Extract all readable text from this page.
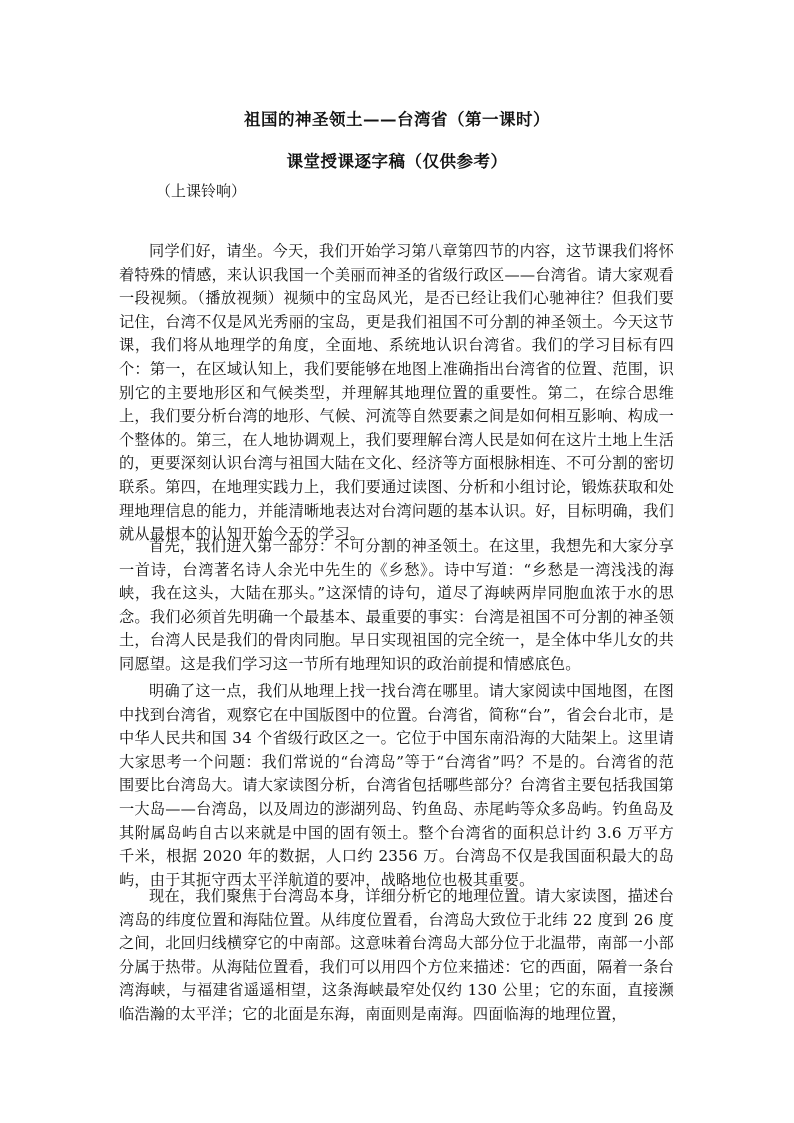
祖国的神圣领土——台湾省（第一课时）
课堂授课逐字稿（仅供参考）
（上课铃响）

同学们好，请坐。今天，我们开始学习第八章第四节的内容，这节课我们将怀着特殊的情感，来认识我国一个美丽而神圣的省级行政区——台湾省。请大家观看一段视频。（播放视频）视频中的宝岛风光，是否已经让我们心驰神往？但我们要记住，台湾不仅是风光秀丽的宝岛，更是我们祖国不可分割的神圣领土。今天这节课，我们将从地理学的角度，全面地、系统地认识台湾省。我们的学习目标有四个：第一，在区域认知上，我们要能够在地图上准确指出台湾省的位置、范围，识别它的主要地形区和气候类型，并理解其地理位置的重要性。第二，在综合思维上，我们要分析台湾的地形、气候、河流等自然要素之间是如何相互影响、构成一个整体的。第三，在人地协调观上，我们要理解台湾人民是如何在这片土地上生活的，更要深刻认识台湾与祖国大陆在文化、经济等方面根脉相连、不可分割的密切联系。第四，在地理实践力上，我们要通过读图、分析和小组讨论，锻炼获取和处理地理信息的能力，并能清晰地表达对台湾问题的基本认识。好，目标明确，我们就从最根本的认知开始今天的学习。

首先，我们进入第一部分：不可分割的神圣领土。在这里，我想先和大家分享一首诗，台湾著名诗人余光中先生的《乡愁》。诗中写道：“乡愁是一湾浅浅的海峡，我在这头，大陆在那头。”这深情的诗句，道尽了海峡两岸同胞血浓于水的思念。我们必须首先明确一个最基本、最重要的事实：台湾是祖国不可分割的神圣领土，台湾人民是我们的骨肉同胞。早日实现祖国的完全统一，是全体中华儿女的共同愿望。这是我们学习这一节所有地理知识的政治前提和情感底色。

明确了这一点，我们从地理上找一找台湾在哪里。请大家阅读中国地图，在图中找到台湾省，观察它在中国版图中的位置。台湾省，简称“台”，省会台北市，是中华人民共和国 34 个省级行政区之一。它位于中国东南沿海的大陆架上。这里请大家思考一个问题：我们常说的“台湾岛”等于“台湾省”吗？不是的。台湾省的范围要比台湾岛大。请大家读图分析，台湾省包括哪些部分？台湾省主要包括我国第一大岛——台湾岛，以及周边的澎湖列岛、钓鱼岛、赤尾屿等众多岛屿。钓鱼岛及其附属岛屿自古以来就是中国的固有领土。整个台湾省的面积总计约 3.6 万平方千米，根据 2020 年的数据，人口约 2356 万。台湾岛不仅是我国面积最大的岛屿，由于其扼守西太平洋航道的要冲，战略地位也极其重要。

现在，我们聚焦于台湾岛本身，详细分析它的地理位置。请大家读图，描述台湾岛的纬度位置和海陆位置。从纬度位置看，台湾岛大致位于北纬 22 度到 26 度之间，北回归线横穿它的中南部。这意味着台湾岛大部分位于北温带，南部一小部分属于热带。从海陆位置看，我们可以用四个方位来描述：它的西面，隔着一条台湾海峡，与福建省遥遥相望，这条海峡最窄处仅约 130 公里；它的东面，直接濒临浩瀚的太平洋；它的北面是东海，南面则是南海。四面临海的地理位置，
